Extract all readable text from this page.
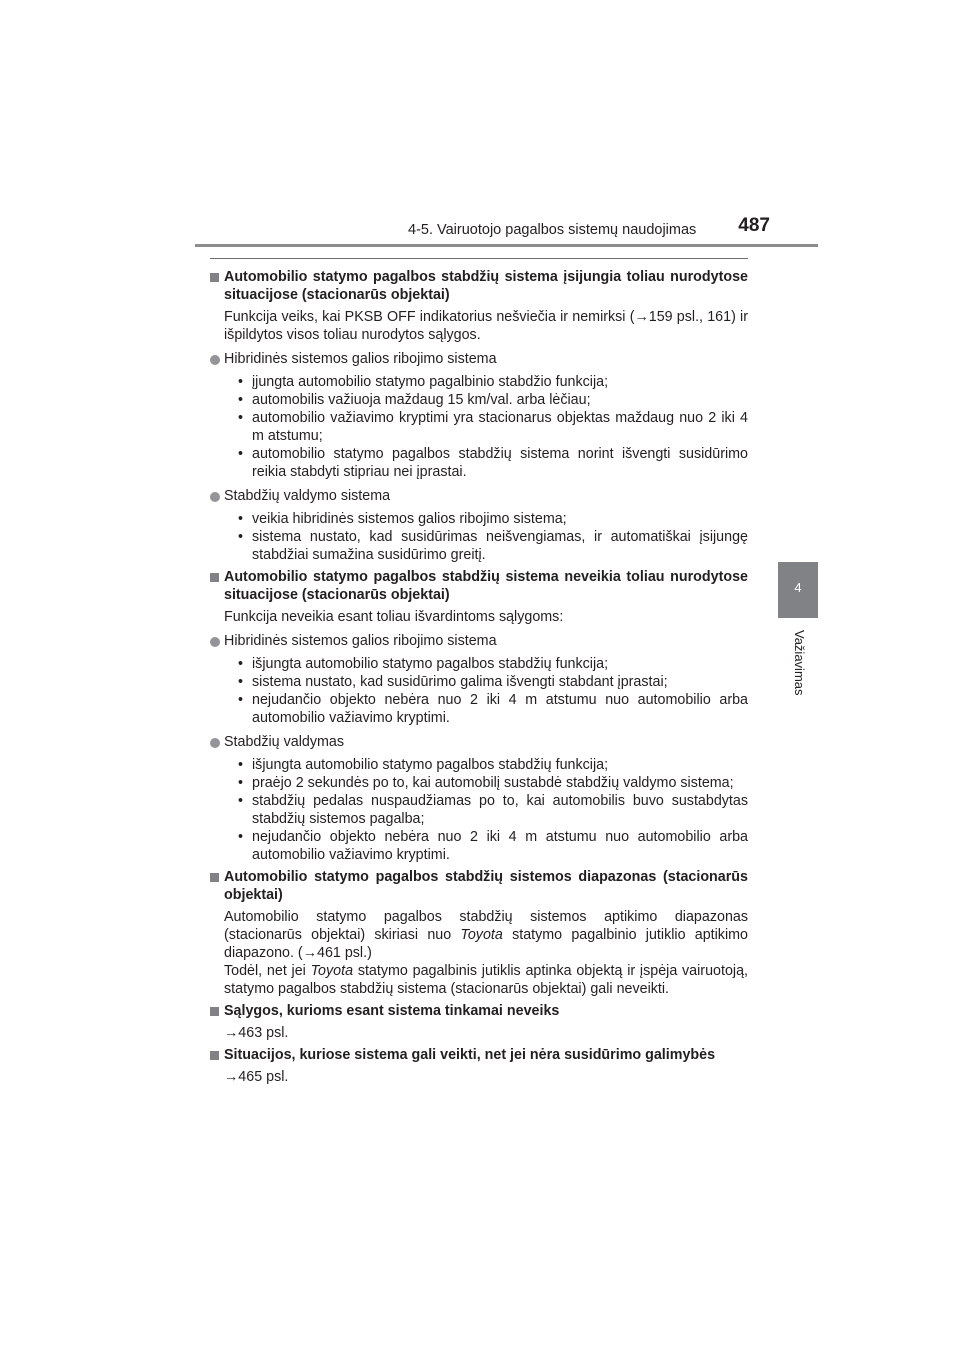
4-5. Vairuotojo pagalbos sistemų naudojimas 487
4
Važiavimas
Automobilio statymo pagalbos stabdžių sistema įsijungia toliau nurodytose situacijose (stacionarūs objektai)
Funkcija veiks, kai PKSB OFF indikatorius nešviečia ir nemirksi (→159 psl., 161) ir išpildytos visos toliau nurodytos sąlygos.
Hibridinės sistemos galios ribojimo sistema
• įjungta automobilio statymo pagalbinio stabdžio funkcija;
• automobilis važiuoja maždaug 15 km/val. arba lėčiau;
• automobilio važiavimo kryptimi yra stacionarus objektas maždaug nuo 2 iki 4 m atstumu;
• automobilio statymo pagalbos stabdžių sistema norint išvengti susidūrimo reikia stabdyti stipriau nei įprastai.
Stabdžių valdymo sistema
• veikia hibridinės sistemos galios ribojimo sistema;
• sistema nustato, kad susidūrimas neišvengiamas, ir automatiškai įsijungę stabdžiai sumažina susidūrimo greitį.
Automobilio statymo pagalbos stabdžių sistema neveikia toliau nurodytose situacijose (stacionarūs objektai)
Funkcija neveikia esant toliau išvardintoms sąlygoms:
Hibridinės sistemos galios ribojimo sistema
• išjungta automobilio statymo pagalbos stabdžių funkcija;
• sistema nustato, kad susidūrimo galima išvengti stabdant įprastai;
• nejudančio objekto nebėra nuo 2 iki 4 m atstumu nuo automobilio arba automobilio važiavimo kryptimi.
Stabdžių valdymas
• išjungta automobilio statymo pagalbos stabdžių funkcija;
• praėjo 2 sekundės po to, kai automobilį sustabdė stabdžių valdymo sistema;
• stabdžių pedalas nuspaudžiamas po to, kai automobilis buvo sustabdytas stabdžių sistemos pagalba;
• nejudančio objekto nebėra nuo 2 iki 4 m atstumu nuo automobilio arba automobilio važiavimo kryptimi.
Automobilio statymo pagalbos stabdžių sistemos diapazonas (stacionarūs objektai)
Automobilio statymo pagalbos stabdžių sistemos aptikimo diapazonas (stacionarūs objektai) skiriasi nuo Toyota statymo pagalbinio jutiklio aptikimo diapazono. (→461 psl.)
Todėl, net jei Toyota statymo pagalbinis jutiklis aptinka objektą ir įspėja vairuotoją, statymo pagalbos stabdžių sistema (stacionarūs objektai) gali neveikti.
Sąlygos, kurioms esant sistema tinkamai neveiks
→463 psl.
Situacijos, kuriose sistema gali veikti, net jei nėra susidūrimo galimybės
→465 psl.
